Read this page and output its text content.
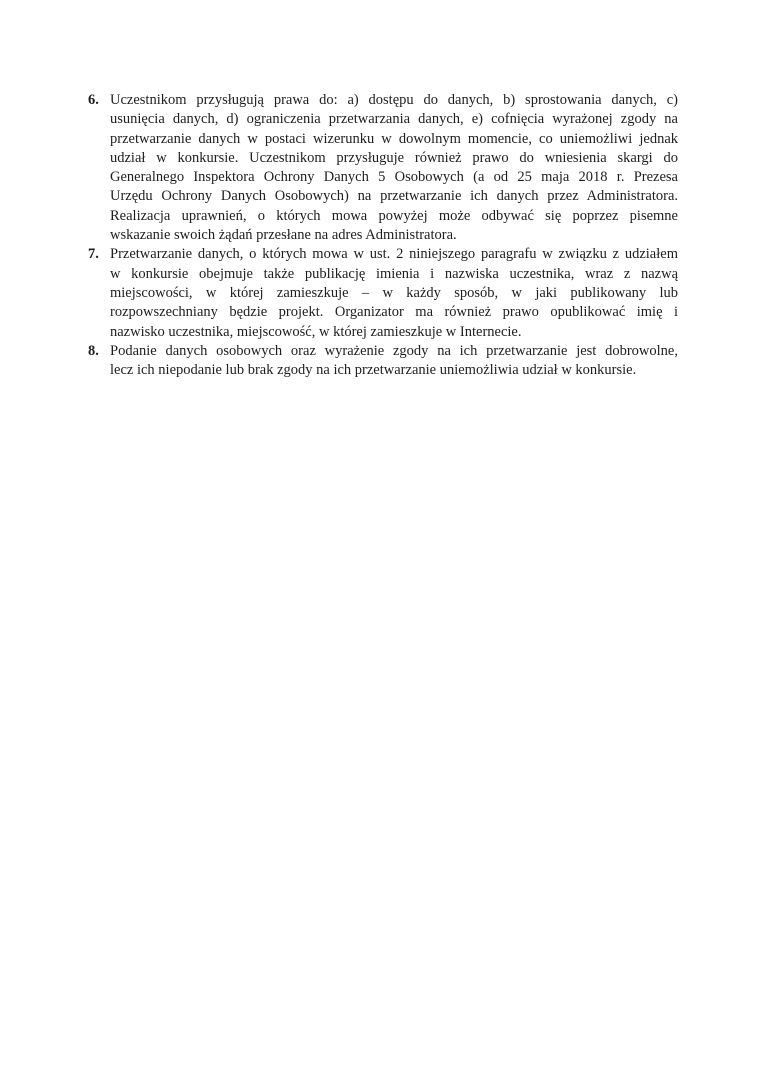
6. Uczestnikom przysługują prawa do: a) dostępu do danych, b) sprostowania danych, c)
usunięcia danych, d) ograniczenia przetwarzania danych, e) cofnięcia wyrażonej zgody na
przetwarzanie danych w postaci wizerunku w dowolnym momencie, co uniemożliwi jednak
udział w konkursie. Uczestnikom przysługuje również prawo do wniesienia skargi do
Generalnego Inspektora Ochrony Danych 5 Osobowych (a od 25 maja 2018 r. Prezesa
Urzędu Ochrony Danych Osobowych) na przetwarzanie ich danych przez Administratora.
Realizacja uprawnień, o których mowa powyżej może odbywać się poprzez pisemne
wskazanie swoich żądań przesłane na adres Administratora.
7. Przetwarzanie danych, o których mowa w ust. 2 niniejszego paragrafu w związku z udziałem
w konkursie obejmuje także publikację imienia i nazwiska uczestnika, wraz z nazwą
miejscowości, w której zamieszkuje – w każdy sposób, w jaki publikowany lub
rozpowszechniany będzie projekt. Organizator ma również prawo opublikować imię i
nazwisko uczestnika, miejscowość, w której zamieszkuje w Internecie.
8. Podanie danych osobowych oraz wyrażenie zgody na ich przetwarzanie jest dobrowolne,
lecz ich niepodanie lub brak zgody na ich przetwarzanie uniemożliwia udział w konkursie.
